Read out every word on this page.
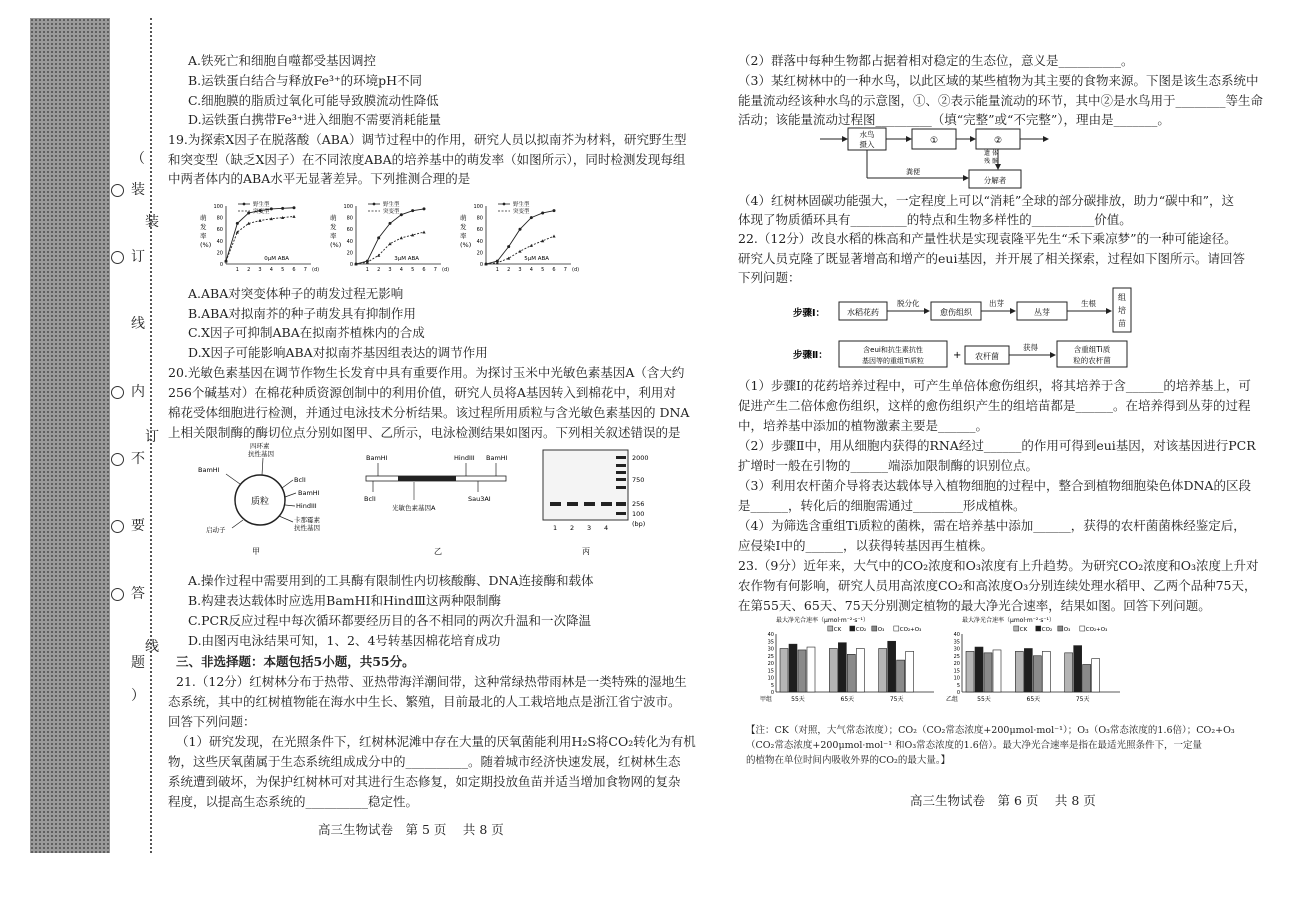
（
装
订
线
内
不
要
答
题
）
装
订
线
A.铁死亡和细胞自噬都受基因调控
B.运铁蛋白结合与释放Fe³⁺的环境pH不同
C.细胞膜的脂质过氧化可能导致膜流动性降低
D.运铁蛋白携带Fe³⁺进入细胞不需要消耗能量
19.为探索X因子在脱落酸（ABA）调节过程中的作用，研究人员以拟南芥为材料，研究野生型
和突变型（缺乏X因子）在不同浓度ABA的培养基中的萌发率（如图所示），同时检测发现每组
中两者体内的ABA水平无显著差异。下列推测合理的是
萌
发
率
(%)
100
80
60
40
20
0
1 2 3 4 5 6 7 (d)
0μM ABA
野生型
突变型
萌
发
率
(%)
100
80
60
40
20
0
1 2 3 4 5 6 7 (d)
3μM ABA
野生型
突变型
萌
发
率
(%)
100
80
60
40
20
0
1 2 3 4 5 6 7 (d)
5μM ABA
野生型
突变型
A.ABA对突变体种子的萌发过程无影响
B.ABA对拟南芥的种子萌发具有抑制作用
C.X因子可抑制ABA在拟南芥植株内的合成
D.X因子可能影响ABA对拟南芥基因组表达的调节作用
20.光敏色素基因在调节作物生长发育中具有重要作用。为探讨玉米中光敏色素基因A（含大约
256个碱基对）在棉花种质资源创制中的利用价值，研究人员将A基因转入到棉花中，利用对
棉花受体细胞进行检测，并通过电泳技术分析结果。该过程所用质粒与含光敏色素基因的 DNA
上相关限制酶的酶切位点分别如图甲、乙所示，电泳检测结果如图丙。下列相关叙述错误的是
质粒
四环素
抗性基因
BamHI
BclI
BamHI
HindIII
卡那霉素
抗性基因
启动子
甲
BamHI	HindIII BamHI
BclI	Sau3AI
光敏色素基因A
乙
2000
750
256
100
(bp)
1 2 3 4
丙
A.操作过程中需要用到的工具酶有限制性内切核酸酶、DNA连接酶和载体
B.构建表达载体时应选用BamHⅠ和HindⅢ这两种限制酶
C.PCR反应过程中每次循环都要经历目的各不相同的两次升温和一次降温
D.由图丙电泳结果可知，1、2、4号转基因棉花培育成功
三、非选择题：本题包括5小题，共55分。
21.（12分）红树林分布于热带、亚热带海洋潮间带，这种常绿热带雨林是一类特殊的湿地生
态系统，其中的红树植物能在海水中生长、繁殖，目前最北的人工栽培地点是浙江省宁波市。
回答下列问题：
（1）研究发现，在光照条件下，红树林泥滩中存在大量的厌氧菌能利用H₂S将CO₂转化为有机
物，这些厌氧菌属于生态系统组成成分中的__________。随着城市经济快速发展，红树林生态
系统遭到破坏，为保护红树林可对其进行生态修复，如定期投放鱼苗并适当增加食物网的复杂
程度，以提高生态系统的__________稳定性。
高三生物试卷　第 5 页　 共 8 页
（2）群落中每种生物都占据着相对稳定的生态位，意义是__________。
（3）某红树林中的一种水鸟，以此区域的某些植物为其主要的食物来源。下图是该生态系统中
能量流动经该种水鸟的示意图，①、②表示能量流动的环节，其中②是水鸟用于________等生命
活动；该能量流动过程图_________（填“完整”或“不完整”），理由是_______。
水鸟
摄入	①	②
粪便
遗 体
残 骸
分解者
（4）红树林固碳功能强大，一定程度上可以“消耗”全球的部分碳排放，助力“碳中和”，这
体现了物质循环具有_________的特点和生物多样性的__________价值。
22.（12分）改良水稻的株高和产量性状是实现袁隆平先生“禾下乘凉梦”的一种可能途径。
研究人员克隆了既显著增高和增产的eui基因，并开展了相关探索，过程如下图所示。请回答
下列问题：
步骤Ⅰ：	水稻花药
脱分化
愈伤组织
出芽
丛芽
生根
组
培
苗
步骤Ⅱ：	含eui和抗生素抗性
基因等的重组Ti质粒	+ 农杆菌
获得	含重组Ti质
粒的农杆菌
（1）步骤Ⅰ的花药培养过程中，可产生单倍体愈伤组织，将其培养于含______的培养基上，可
促进产生二倍体愈伤组织，这样的愈伤组织产生的组培苗都是______。在培养得到丛芽的过程
中，培养基中添加的植物激素主要是______。
（2）步骤Ⅱ中，用从细胞内获得的RNA经过______的作用可得到eui基因，对该基因进行PCR
扩增时一般在引物的______端添加限制酶的识别位点。
（3）利用农杆菌介导将表达载体导入植物细胞的过程中，整合到植物细胞染色体DNA的区段
是______，转化后的细胞需通过________形成植株。
（4）为筛选含重组Ti质粒的菌株，需在培养基中添加______，获得的农杆菌菌株经鉴定后，
应侵染Ⅰ中的______，以获得转基因再生植株。
23.（9分）近年来，大气中的CO₂浓度和O₃浓度有上升趋势。为研究CO₂浓度和O₃浓度上升对
农作物有何影响，研究人员用高浓度CO₂和高浓度O₃分别连续处理水稻甲、乙两个品种75天，
在第55天、65天、75天分别测定植物的最大净光合速率，结果如图。回答下列问题。
最大净光合速率（μmol·m⁻²·s⁻¹）
CK	CO₂ O₃	CO₂+O₃
40
35
30
25
20
15
10
5
0
55天	65天	75天
甲组
最大净光合速率（μmol·m⁻²·s⁻¹）
CK	CO₂ O₃	CO₂+O₃
40
35
30
25
20
15
10
5
0
55天	65天	75天
乙组
【注：CK（对照，大气常态浓度）；CO₂（CO₂常态浓度+200μmol·mol⁻¹）；O₃（O₃常态浓度的1.6倍）；CO₂+O₃
（CO₂常态浓度+200μmol·mol⁻¹ 和O₃常态浓度的1.6倍）。最大净光合速率是指在最适光照条件下，一定量
的植物在单位时间内吸收外界的CO₂的最大量。】
高三生物试卷　第 6 页　 共 8 页
